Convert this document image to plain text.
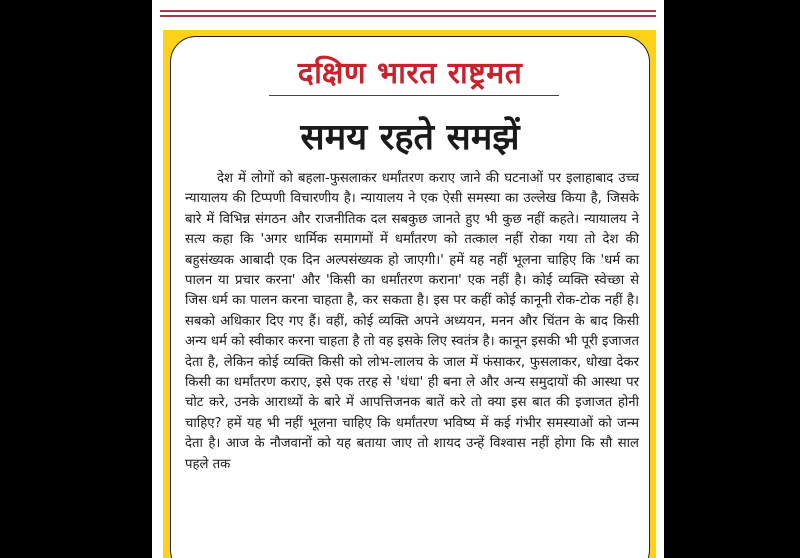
दक्षिण भारत राष्ट्रमत
समय रहते समझें

देश में लोगों को बहला-फुसलाकर धर्मांतरण कराए जाने की घटनाओं पर इलाहाबाद उच्च न्यायालय की टिप्पणी विचारणीय है। न्यायालय ने एक ऐसी समस्या का उल्लेख किया है, जिसके बारे में विभिन्न संगठन और राजनीतिक दल सबकुछ जानते हुए भी कुछ नहीं कहते। न्यायालय ने सत्य कहा कि 'अगर धार्मिक समागमों में धर्मांतरण को तत्काल नहीं रोका गया तो देश की बहुसंख्यक आबादी एक दिन अल्पसंख्यक हो जाएगी।' हमें यह नहीं भूलना चाहिए कि 'धर्म का पालन या प्रचार करना' और 'किसी का धर्मांतरण कराना' एक नहीं है। कोई व्यक्ति स्वेच्छा से जिस धर्म का पालन करना चाहता है, कर सकता है। इस पर कहीं कोई कानूनी रोक-टोक नहीं है। सबको अधिकार दिए गए हैं। वहीं, कोई व्यक्ति अपने अध्ययन, मनन और चिंतन के बाद किसी अन्य धर्म को स्वीकार करना चाहता है तो वह इसके लिए स्वतंत्र है। कानून इसकी भी पूरी इजाजत देता है, लेकिन कोई व्यक्ति किसी को लोभ-लालच के जाल में फंसाकर, फुसलाकर, धोखा देकर किसी का धर्मांतरण कराए, इसे एक तरह से 'धंधा' ही बना ले और अन्य समुदायों की आस्था पर चोट करे, उनके आराध्यों के बारे में आपत्तिजनक बातें करे तो क्या इस बात की इजाजत होनी चाहिए? हमें यह भी नहीं भूलना चाहिए कि धर्मांतरण भविष्य में कई गंभीर समस्याओं को जन्म देता है। आज के नौजवानों को यह बताया जाए तो शायद उन्हें विश्वास नहीं होगा कि सौ साल पहले तक
